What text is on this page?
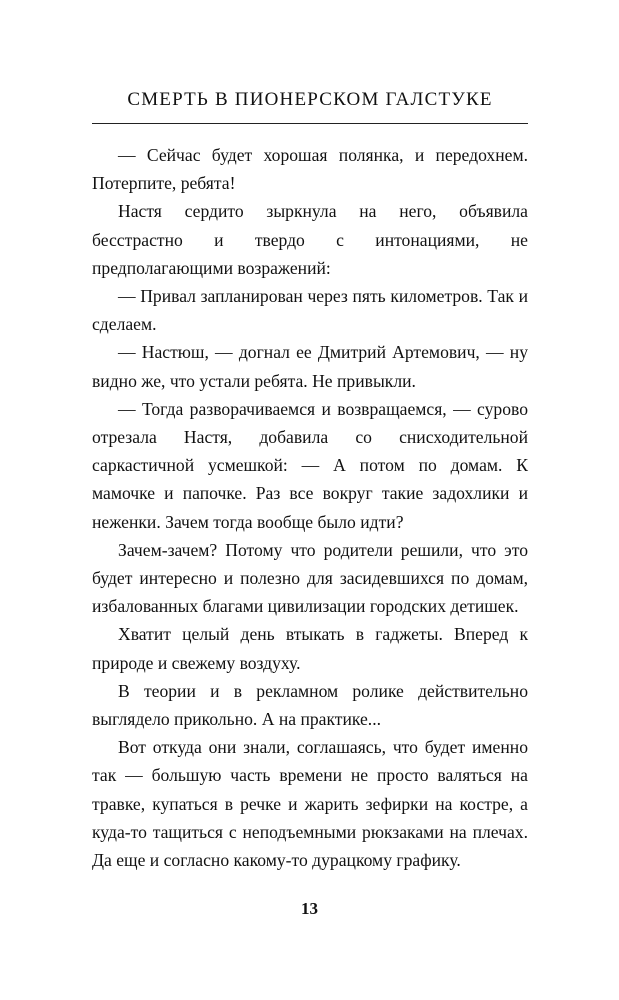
СМЕРТЬ В ПИОНЕРСКОМ ГАЛСТУКЕ

— Сейчас будет хорошая полянка, и передохнем. Потерпите, ребята!

Настя сердито зыркнула на него, объявила бесстрастно и твердо с интонациями, не предполагающими возражений:

— Привал запланирован через пять километров. Так и сделаем.

— Настюш, — догнал ее Дмитрий Артемович, — ну видно же, что устали ребята. Не привыкли.

— Тогда разворачиваемся и возвращаемся, — сурово отрезала Настя, добавила со снисходительной саркастичной усмешкой: — А потом по домам. К мамочке и папочке. Раз все вокруг такие задохлики и неженки. Зачем тогда вообще было идти?

Зачем-зачем? Потому что родители решили, что это будет интересно и полезно для засидевшихся по домам, избалованных благами цивилизации городских детишек.

Хватит целый день втыкать в гаджеты. Вперед к природе и свежему воздуху.

В теории и в рекламном ролике действительно выглядело прикольно. А на практике...

Вот откуда они знали, соглашаясь, что будет именно так — большую часть времени не просто валяться на травке, купаться в речке и жарить зефирки на костре, а куда-то тащиться с неподъемными рюкзаками на плечах. Да еще и согласно какому-то дурацкому графику.

13
